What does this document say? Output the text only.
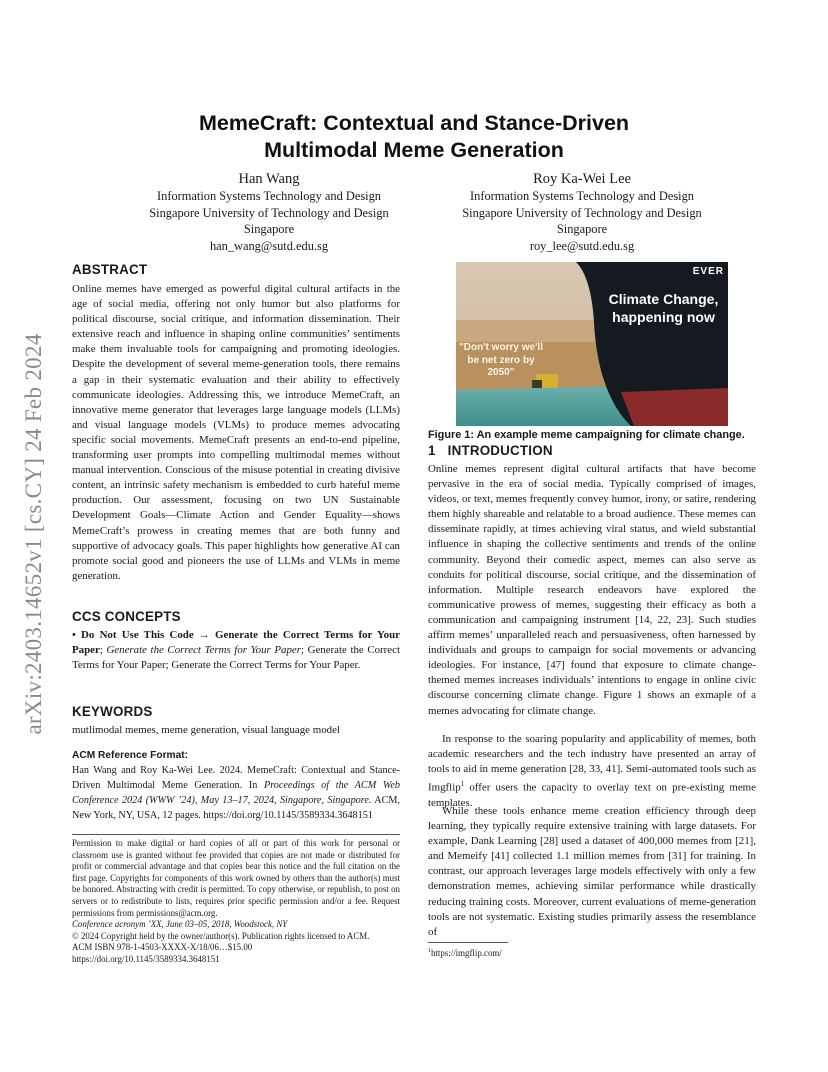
arXiv:2403.14652v1 [cs.CY] 24 Feb 2024
MemeCraft: Contextual and Stance-Driven
Multimodal Meme Generation
Han Wang
Information Systems Technology and Design
Singapore University of Technology and Design
Singapore
han_wang@sutd.edu.sg
Roy Ka-Wei Lee
Information Systems Technology and Design
Singapore University of Technology and Design
Singapore
roy_lee@sutd.edu.sg
ABSTRACT
Online memes have emerged as powerful digital cultural artifacts in the age of social media, offering not only humor but also platforms for political discourse, social critique, and information dissemination. Their extensive reach and influence in shaping online communities’ sentiments make them invaluable tools for campaigning and promoting ideologies. Despite the development of several meme-generation tools, there remains a gap in their systematic evaluation and their ability to effectively communicate ideologies. Addressing this, we introduce MemeCraft, an innovative meme generator that leverages large language models (LLMs) and visual language models (VLMs) to produce memes advocating specific social movements. MemeCraft presents an end-to-end pipeline, transforming user prompts into compelling multimodal memes without manual intervention. Conscious of the misuse potential in creating divisive content, an intrinsic safety mechanism is embedded to curb hateful meme production. Our assessment, focusing on two UN Sustainable Development Goals—Climate Action and Gender Equality—shows MemeCraft’s prowess in creating memes that are both funny and supportive of advocacy goals. This paper highlights how generative AI can promote social good and pioneers the use of LLMs and VLMs in meme generation.
CCS CONCEPTS
• Do Not Use This Code → Generate the Correct Terms for Your Paper; Generate the Correct Terms for Your Paper; Generate the Correct Terms for Your Paper; Generate the Correct Terms for Your Paper.
KEYWORDS
mutlimodal memes, meme generation, visual language model
ACM Reference Format:
Han Wang and Roy Ka-Wei Lee. 2024. MemeCraft: Contextual and Stance-Driven Multimodal Meme Generation. In Proceedings of the ACM Web Conference 2024 (WWW ’24), May 13–17, 2024, Singapore, Singapore. ACM, New York, NY, USA, 12 pages. https://doi.org/10.1145/3589334.3648151
Permission to make digital or hard copies of all or part of this work for personal or classroom use is granted without fee provided that copies are not made or distributed for profit or commercial advantage and that copies bear this notice and the full citation on the first page. Copyrights for components of this work owned by others than the author(s) must be honored. Abstracting with credit is permitted. To copy otherwise, or republish, to post on servers or to redistribute to lists, requires prior specific permission and/or a fee. Request permissions from permissions@acm.org.
Conference acronym ’XX, June 03–05, 2018, Woodstock, NY
© 2024 Copyright held by the owner/author(s). Publication rights licensed to ACM.
ACM ISBN 978-1-4503-XXXX-X/18/06…$15.00
https://doi.org/10.1145/3589334.3648151
EVER
Climate Change, happening now
"Don't worry we'll be net zero by 2050"
Figure 1: An example meme campaigning for climate change.
1 INTRODUCTION
Online memes represent digital cultural artifacts that have become pervasive in the era of social media. Typically comprised of images, videos, or text, memes frequently convey humor, irony, or satire, rendering them highly shareable and relatable to a broad audience. These memes can disseminate rapidly, at times achieving viral status, and wield substantial influence in shaping the collective sentiments and trends of the online community. Beyond their comedic aspect, memes can also serve as conduits for political discourse, social critique, and the dissemination of information. Multiple research endeavors have explored the communicative prowess of memes, suggesting their efficacy as both a communication and campaigning instrument [14, 22, 23]. Such studies affirm memes’ unparalleled reach and persuasiveness, often harnessed by individuals and groups to campaign for social movements or advancing ideologies. For instance, [47] found that exposure to climate change-themed memes increases individuals’ intentions to engage in online civic discourse concerning climate change. Figure 1 shows an exmaple of a memes advocating for climate change.
In response to the soaring popularity and applicability of memes, both academic researchers and the tech industry have presented an array of tools to aid in meme generation [28, 33, 41]. Semi-automated tools such as Imgflip$^1$ offer users the capacity to overlay text on pre-existing meme templates.
While these tools enhance meme creation efficiency through deep learning, they typically require extensive training with large datasets. For example, Dank Learning [28] used a dataset of 400,000 memes from [21], and Memeify [41] collected 1.1 million memes from [31] for training. In contrast, our approach leverages large models effectively with only a few demonstration memes, achieving similar performance while drastically reducing training costs. Moreover, current evaluations of meme-generation tools are not systematic. Existing studies primarily assess the resemblance of
$^1$https://imgflip.com/
